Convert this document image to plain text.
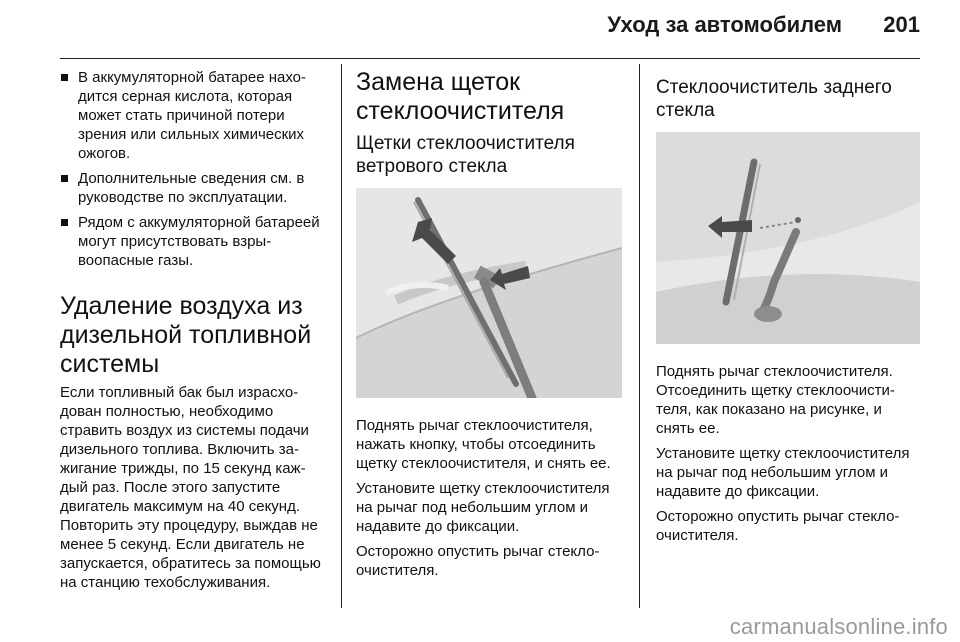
Уход за автомобилем 201
В аккумуляторной батарее находится серная кислота, которая может стать причиной потери зрения или сильных химических ожогов.
Дополнительные сведения см. в руководстве по эксплуатации.
Рядом с аккумуляторной батареей могут присутствовать взрывоопасные газы.
Удаление воздуха из дизельной топливной системы

Если топливный бак был израсходован полностью, необходимо стравить воздух из системы подачи дизельного топлива. Включить зажигание трижды, по 15 секунд каждый раз. После этого запустите двигатель максимум на 40 секунд. Повторить эту процедуру, выждав не менее 5 секунд. Если двигатель не запускается, обратитесь за помощью на станцию техобслуживания.

Замена щеток стеклоочистителя
Щетки стеклоочистителя ветрового стекла

Поднять рычаг стеклоочистителя, нажать кнопку, чтобы отсоединить щетку стеклоочистителя, и снять ее.

Установите щетку стеклоочистителя на рычаг под небольшим углом и надавите до фиксации.

Осторожно опустить рычаг стеклоочистителя.

Стеклоочиститель заднего стекла

Поднять рычаг стеклоочистителя. Отсоединить щетку стеклоочистителя, как показано на рисунке, и снять ее.

Установите щетку стеклоочистителя на рычаг под небольшим углом и надавите до фиксации.

Осторожно опустить рычаг стеклоочистителя.

carmanualsonline.info
